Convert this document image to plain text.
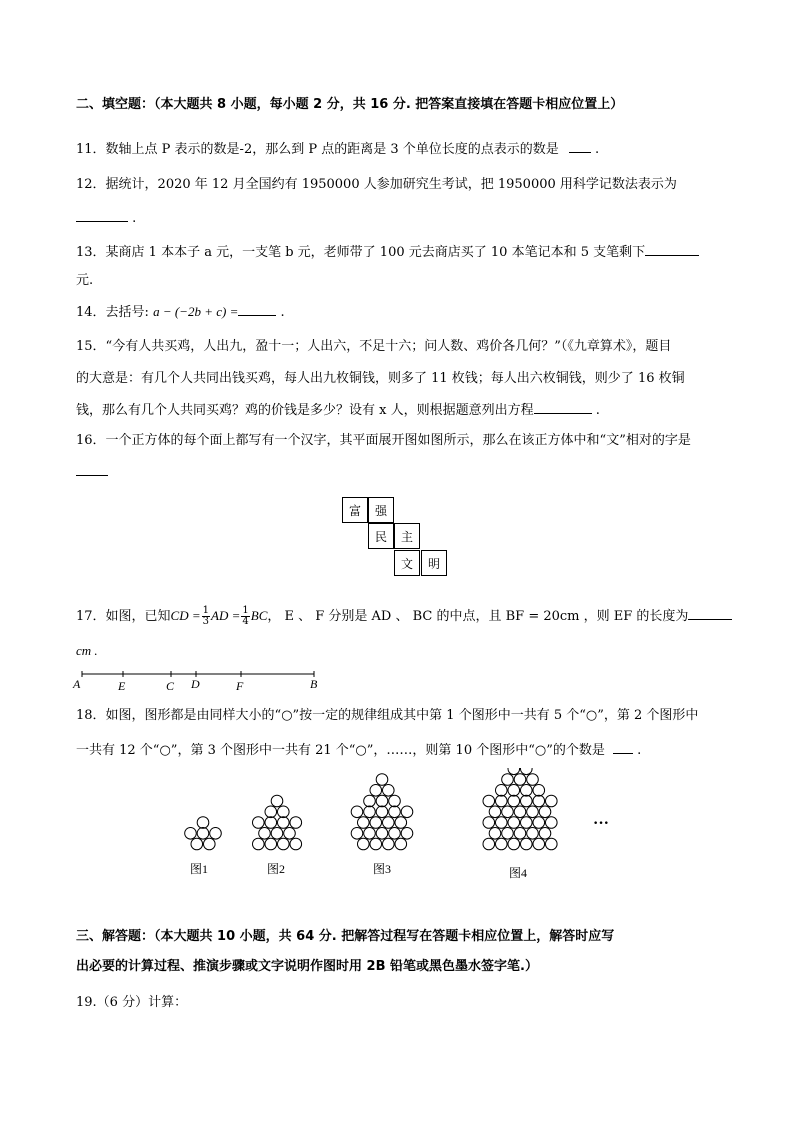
二、填空题：（本大题共 8 小题，每小题 2 分，共 16 分. 把答案直接填在答题卡相应位置上）
11．数轴上点 P 表示的数是-2，那么到 P 点的距离是 3 个单位长度的点表示的数是	.
12．据统计，2020 年 12 月全国约有 1950000 人参加研究生考试，把 1950000 用科学记数法表示为
.
13．某商店 1 本本子 a 元，一支笔 b 元，老师带了 100 元去商店买了 10 本笔记本和 5 支笔剩下
元.
14．去括号: a − (−2b + c) =	.
15．“今有人共买鸡，人出九，盈十一；人出六，不足十六；问人数、鸡价各几何？”（《九章算术》，题目
的大意是：有几个人共同出钱买鸡，每人出九枚铜钱，则多了 11 枚钱；每人出六枚铜钱，则少了 16 枚铜
钱，那么有几个人共同买鸡？鸡的价钱是多少？设有 x 人，则根据题意列出方程	.
16．一个正方体的每个面上都写有一个汉字，其平面展开图如图所示，那么在该正方体中和“文”相对的字是
富	强
民	主
文	明
17．如图，已知CD = $\frac{1}{3}$ AD = $\frac{1}{4}$ BC， E 、 F 分别是 AD 、 BC 的中点，且 BF = 20cm ，则 EF 的长度为
cm .
A	E	C D	F	B
18．如图，图形都是由同样大小的“○”按一定的规律组成其中第 1 个图形中一共有 5 个“○”，第 2 个图形中
一共有 12 个“○”，第 3 个图形中一共有 21 个“○”，……，则第 10 个图形中“○”的个数是 .
图1	图2	图3	图4
···
三、解答题：（本大题共 10 小题，共 64 分. 把解答过程写在答题卡相应位置上，解答时应写
出必要的计算过程、推演步骤或文字说明作图时用 2B 铅笔或黑色墨水签字笔.）
19.（6 分）计算：
